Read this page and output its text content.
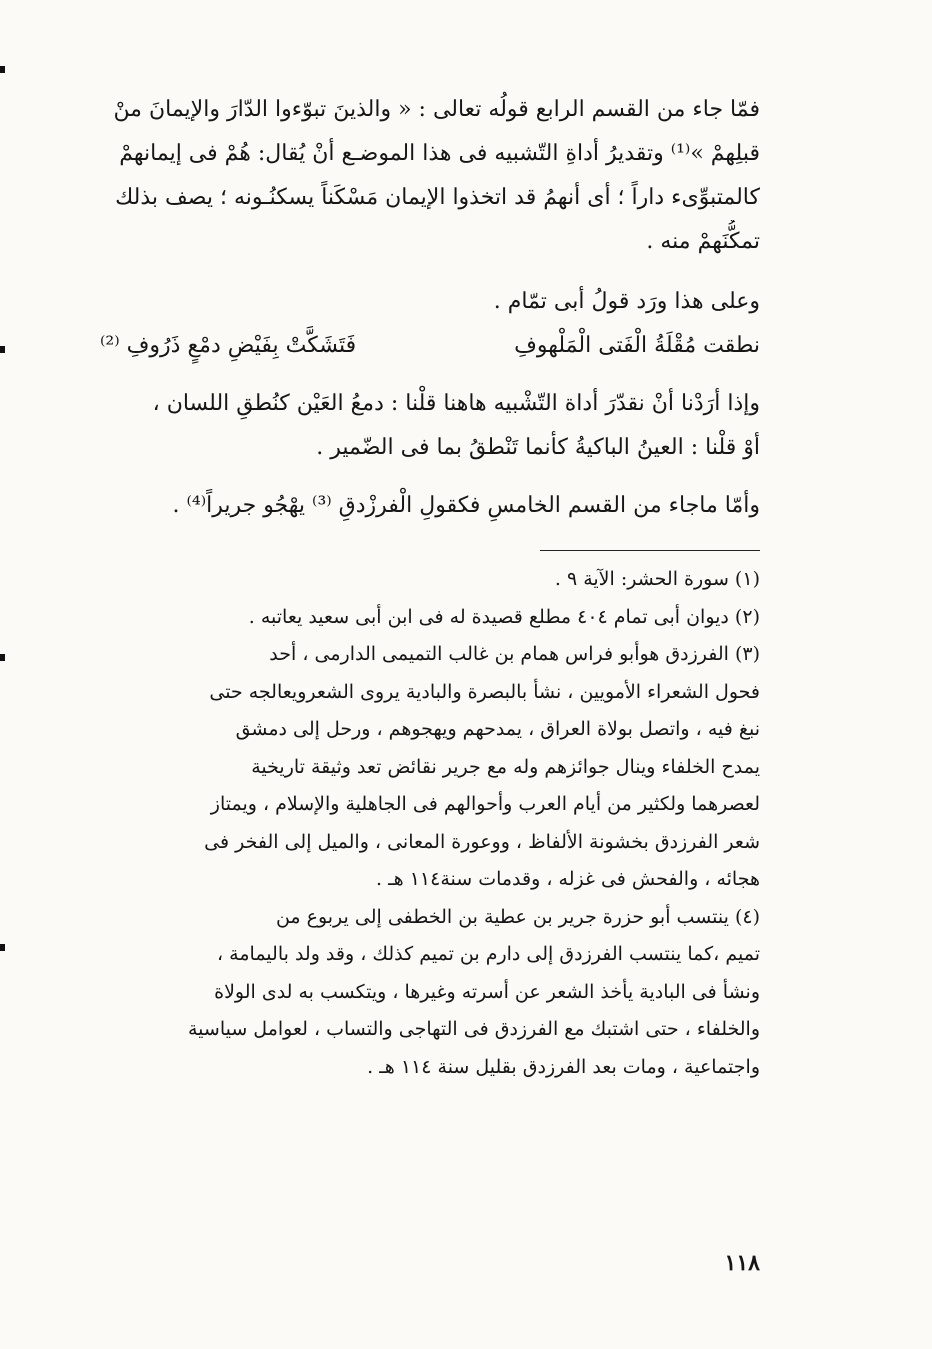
فمّا جاء من القسم الرابع قولُه تعالى : « والذينَ تبوّءوا الدّارَ والإيمانَ منْ
قبلِهمْ »⁽¹⁾ وتقديرُ أداةِ التّشبيه فى هذا الموضـع أنْ يُقال: هُمْ فى إيمانهمْ
كالمتبوِّىء داراً ؛ أى أنهمُ قد اتخذوا الإيمان مَسْكَناً يسكنُـونه ؛ يصف بذلك
تمكُّنَهمْ منه .
وعلى هذا ورَد قولُ أبى تمّام .
نطقت مُقْلَةُ الْفَتى الْمَلْهوفِ
فَتَشَكَّتْ بِفَيْضِ دمْعٍ ذَرُوفِ ⁽²⁾
وإذا أرَدْنا أنْ نقدّرَ أداة التّشْبيه هاهنا قلْنا : دمعُ العَيْن كنُطقِ اللسان ،
أوْ قلْنا : العينُ الباكيةُ كأنما تَنْطقُ بما فى الضّمير .
وأمّا ماجاء من القسم الخامسِ فكقولِ الْفرزْدقِ ⁽³⁾ يهْجُو جريراً⁽⁴⁾ .
(١) سورة الحشر: الآية ٩ .
(٢) ديوان أبى تمام ٤٠٤ مطلع قصيدة له فى ابن أبى سعيد يعاتبه .
(٣) الفرزدق هوأبو فراس همام بن غالب التميمى الدارمى ، أحد
فحول الشعراء الأمويين ، نشأ بالبصرة والبادية يروى الشعرويعالجه حتى
نبغ فيه ، واتصل بولاة العراق ، يمدحهم ويهجوهم ، ورحل إلى دمشق
يمدح الخلفاء وينال جوائزهم وله مع جرير نقائض تعد وثيقة تاريخية
لعصرهما ولكثير من أيام العرب وأحوالهم فى الجاهلية والإسلام ، ويمتاز
شعر الفرزدق بخشونة الألفاظ ، ووعورة المعانى ، والميل إلى الفخر فى
هجائه ، والفحش فى غزله ، وقدمات سنة١١٤ هـ .
(٤) ينتسب أبو حزرة جرير بن عطية بن الخطفى إلى يربوع من
تميم ،كما ينتسب الفرزدق إلى دارم بن تميم كذلك ، وقد ولد باليمامة ،
ونشأ فى البادية يأخذ الشعر عن أسرته وغيرها ، ويتكسب به لدى الولاة
والخلفاء ، حتى اشتبك مع الفرزدق فى التهاجى والتساب ، لعوامل سياسية
واجتماعية ، ومات بعد الفرزدق بقليل سنة ١١٤ هـ .
١١٨
